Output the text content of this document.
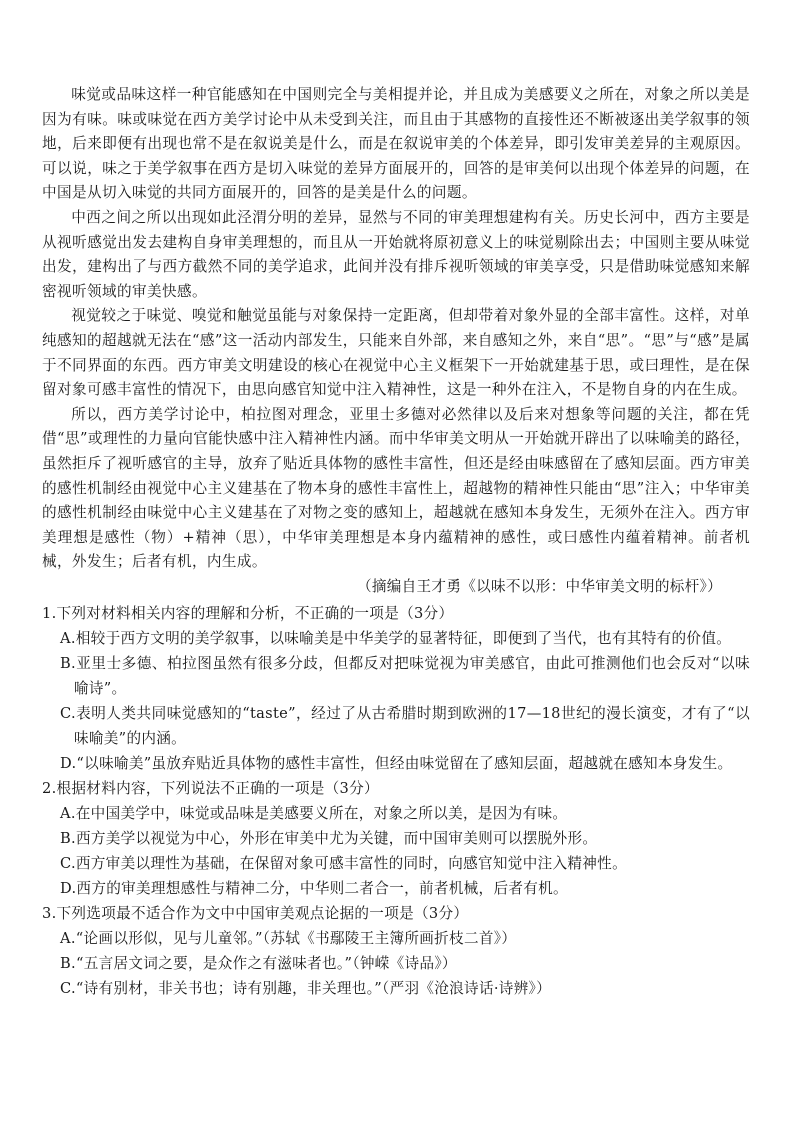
味觉或品味这样一种官能感知在中国则完全与美相提并论，并且成为美感要义之所在，对象之所以美是因为有味。味或味觉在西方美学讨论中从未受到关注，而且由于其感物的直接性还不断被逐出美学叙事的领地，后来即便有出现也常不是在叙说美是什么，而是在叙说审美的个体差异，即引发审美差异的主观原因。可以说，味之于美学叙事在西方是切入味觉的差异方面展开的，回答的是审美何以出现个体差异的问题，在中国是从切入味觉的共同方面展开的，回答的是美是什么的问题。

中西之间之所以出现如此泾渭分明的差异，显然与不同的审美理想建构有关。历史长河中，西方主要是从视听感觉出发去建构自身审美理想的，而且从一开始就将原初意义上的味觉剔除出去；中国则主要从味觉出发，建构出了与西方截然不同的美学追求，此间并没有排斥视听领域的审美享受，只是借助味觉感知来解密视听领域的审美快感。

视觉较之于味觉、嗅觉和触觉虽能与对象保持一定距离，但却带着对象外显的全部丰富性。这样，对单纯感知的超越就无法在“感”这一活动内部发生，只能来自外部，来自感知之外，来自“思”。“思”与“感”是属于不同界面的东西。西方审美文明建设的核心在视觉中心主义框架下一开始就建基于思，或曰理性，是在保留对象可感丰富性的情况下，由思向感官知觉中注入精神性，这是一种外在注入，不是物自身的内在生成。

所以，西方美学讨论中，柏拉图对理念，亚里士多德对必然律以及后来对想象等问题的关注，都在凭借“思”或理性的力量向官能快感中注入精神性内涵。而中华审美文明从一开始就开辟出了以味喻美的路径，虽然拒斥了视听感官的主导，放弃了贴近具体物的感性丰富性，但还是经由味感留在了感知层面。西方审美的感性机制经由视觉中心主义建基在了物本身的感性丰富性上，超越物的精神性只能由“思”注入；中华审美的感性机制经由味觉中心主义建基在了对物之变的感知上，超越就在感知本身发生，无须外在注入。西方审美理想是感性（物）+精神（思），中华审美理想是本身内蕴精神的感性，或曰感性内蕴着精神。前者机械，外发生；后者有机，内生成。

（摘编自王才勇《以味不以形：中华审美文明的标杆》）

1.下列对材料相关内容的理解和分析，不正确的一项是（3分）

A.相较于西方文明的美学叙事，以味喻美是中华美学的显著特征，即便到了当代，也有其特有的价值。

B.亚里士多德、柏拉图虽然有很多分歧，但都反对把味觉视为审美感官，由此可推测他们也会反对“以味喻诗”。

C.表明人类共同味觉感知的“taste”，经过了从古希腊时期到欧洲的17—18世纪的漫长演变，才有了“以味喻美”的内涵。

D.“以味喻美”虽放弃贴近具体物的感性丰富性，但经由味觉留在了感知层面，超越就在感知本身发生。

2.根据材料内容，下列说法不正确的一项是（3分）

A.在中国美学中，味觉或品味是美感要义所在，对象之所以美，是因为有味。

B.西方美学以视觉为中心，外形在审美中尤为关键，而中国审美则可以摆脱外形。

C.西方审美以理性为基础，在保留对象可感丰富性的同时，向感官知觉中注入精神性。

D.西方的审美理想感性与精神二分，中华则二者合一，前者机械，后者有机。

3.下列选项最不适合作为文中中国审美观点论据的一项是（3分）

A.“论画以形似，见与儿童邻。”（苏轼《书鄢陵王主簿所画折枝二首》）

B.“五言居文词之要，是众作之有滋味者也。”（钟嵘《诗品》）

C.“诗有别材，非关书也；诗有别趣，非关理也。”（严羽《沧浪诗话·诗辨》）
